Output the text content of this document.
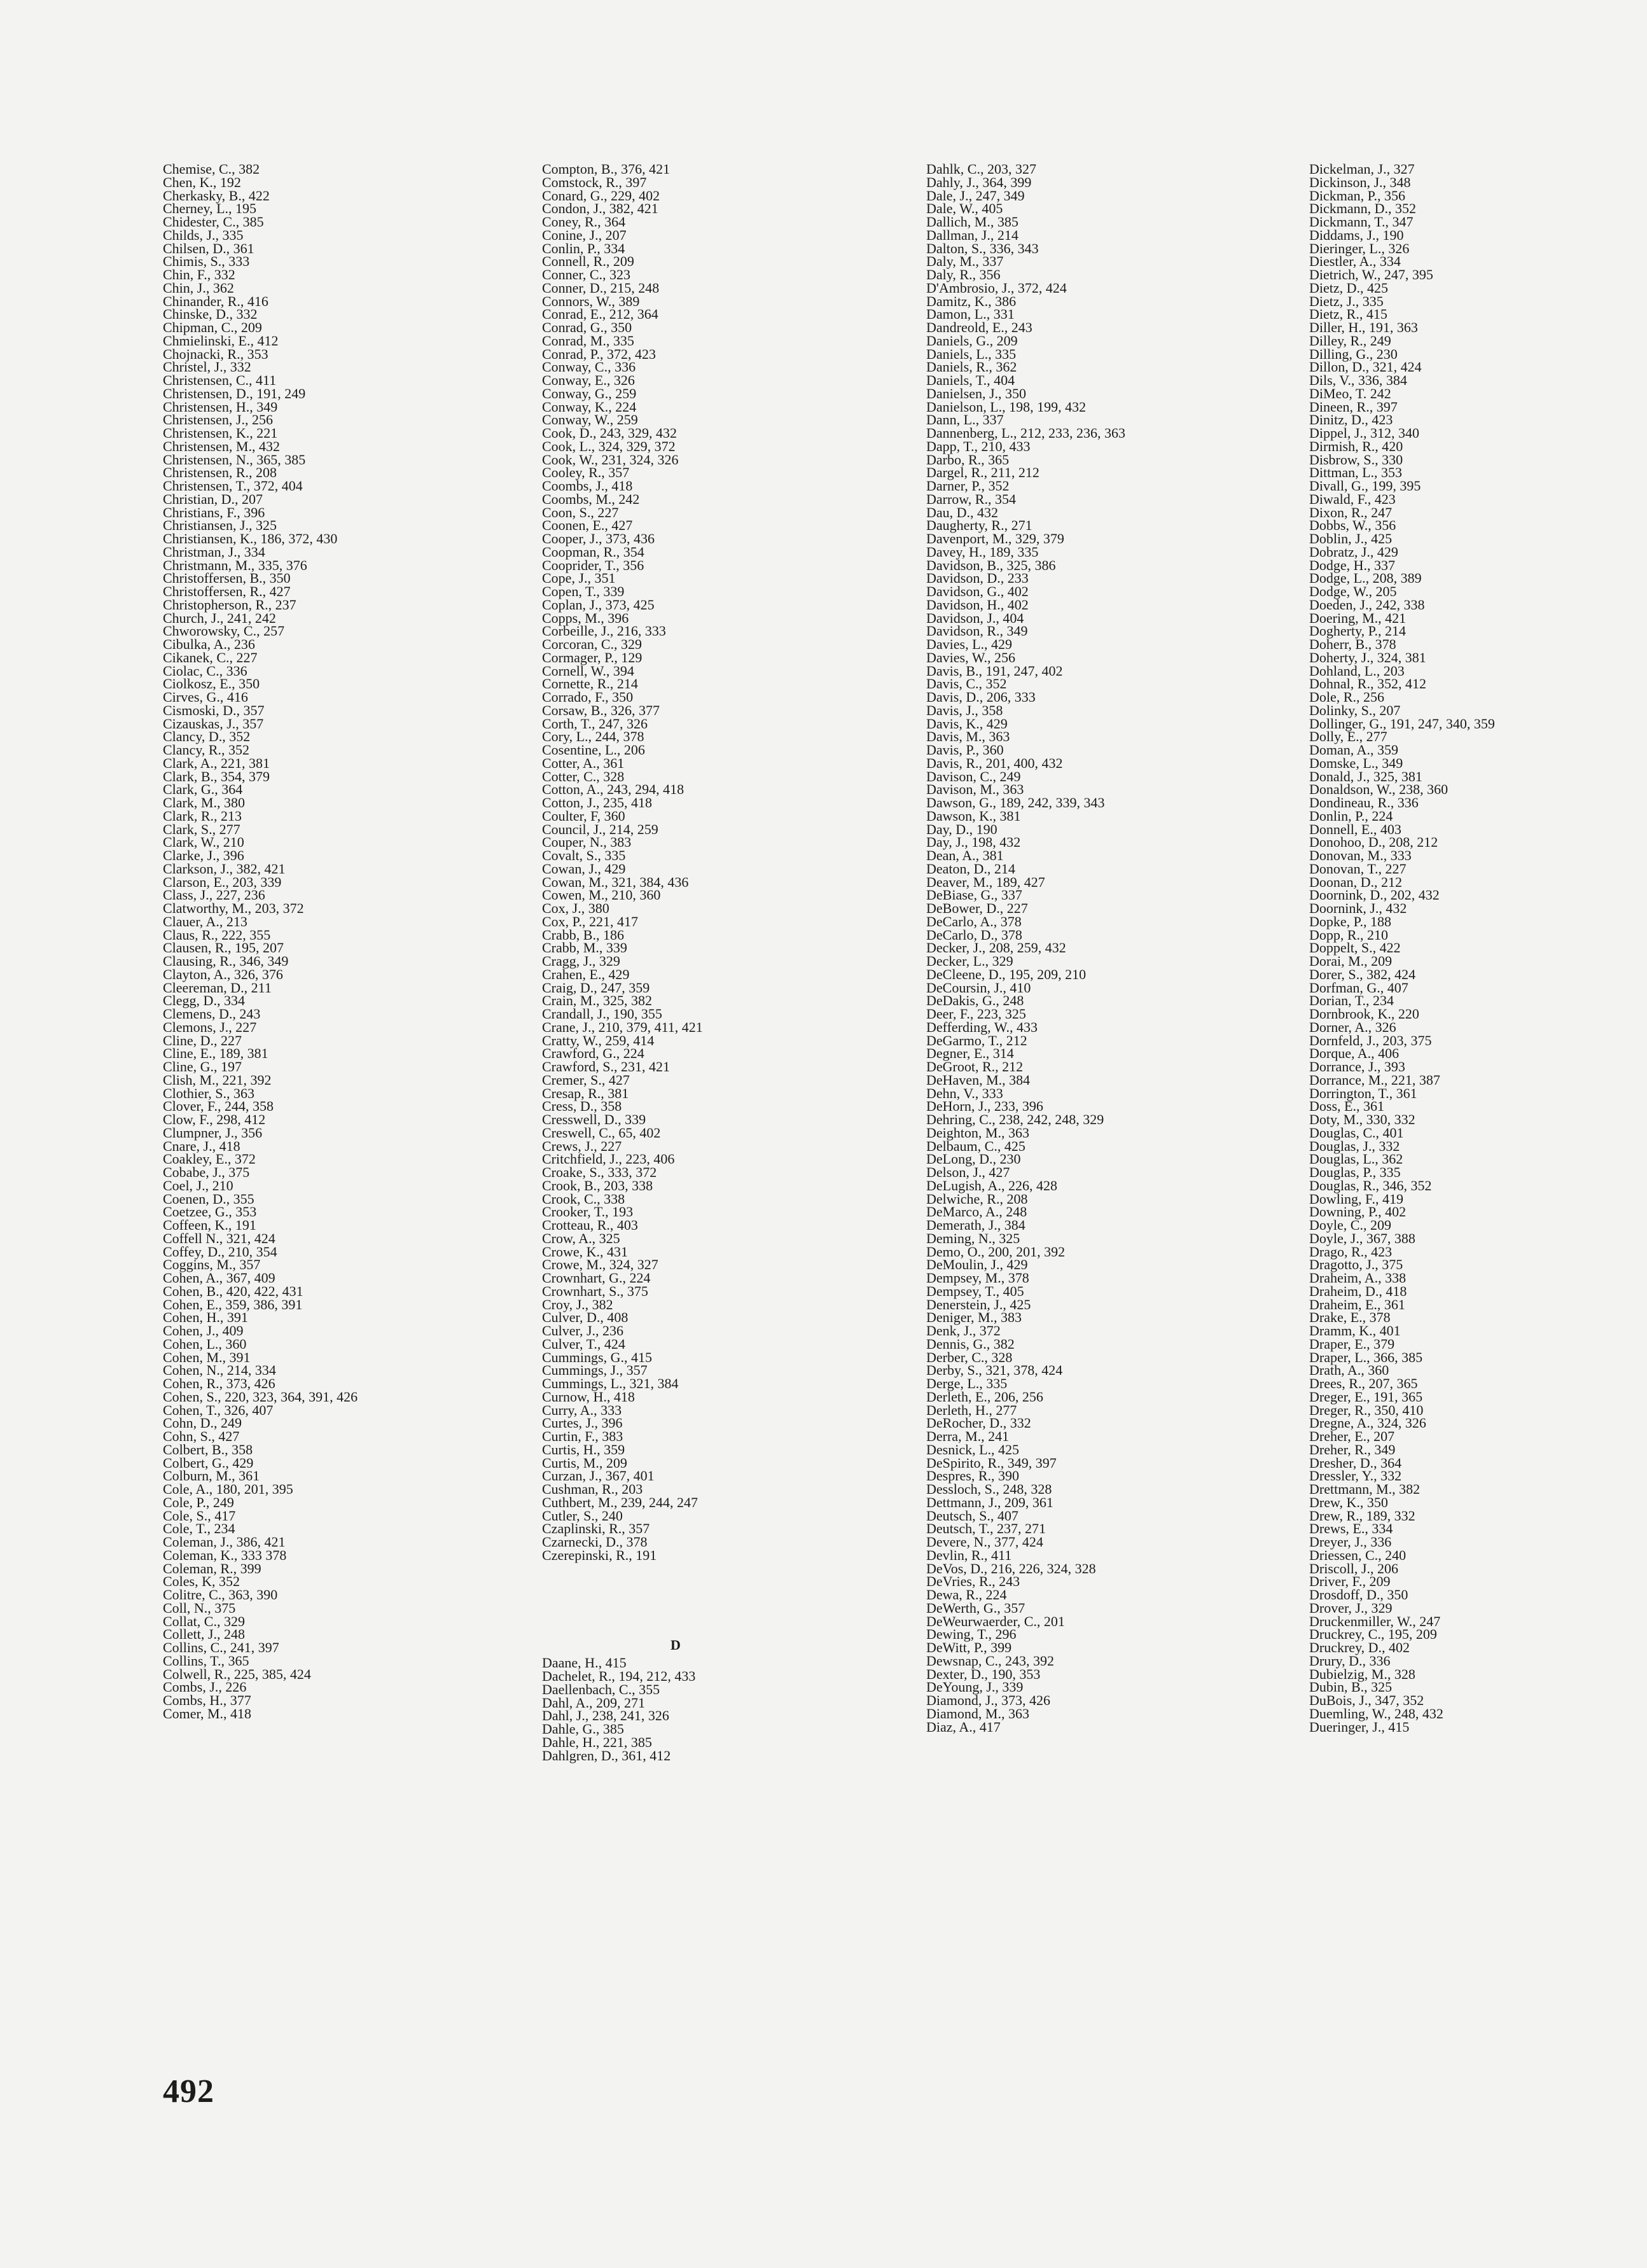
Chemise, C., 382
Chen, K., 192
Cherkasky, B., 422
Cherney, L., 195
Chidester, C., 385
Childs, J., 335
Chilsen, D., 361
Chimis, S., 333
Chin, F., 332
Chin, J., 362
Chinander, R., 416
Chinske, D., 332
Chipman, C., 209
Chmielinski, E., 412
Chojnacki, R., 353
Christel, J., 332
Christensen, C., 411
Christensen, D., 191, 249
Christensen, H., 349
Christensen, J., 256
Christensen, K., 221
Christensen, M., 432
Christensen, N., 365, 385
Christensen, R., 208
Christensen, T., 372, 404
Christian, D., 207
Christians, F., 396
Christiansen, J., 325
Christiansen, K., 186, 372, 430
Christman, J., 334
Christmann, M., 335, 376
Christoffersen, B., 350
Christoffersen, R., 427
Christopherson, R., 237
Church, J., 241, 242
Chworowsky, C., 257
Cibulka, A., 236
Cikanek, C., 227
Ciolac, C., 336
Ciolkosz, E., 350
Cirves, G., 416
Cismoski, D., 357
Cizauskas, J., 357
Clancy, D., 352
Clancy, R., 352
Clark, A., 221, 381
Clark, B., 354, 379
Clark, G., 364
Clark, M., 380
Clark, R., 213
Clark, S., 277
Clark, W., 210
Clarke, J., 396
Clarkson, J., 382, 421
Clarson, E., 203, 339
Class, J., 227, 236
Clatworthy, M., 203, 372
Clauer, A., 213
Claus, R., 222, 355
Clausen, R., 195, 207
Clausing, R., 346, 349
Clayton, A., 326, 376
Cleereman, D., 211
Clegg, D., 334
Clemens, D., 243
Clemons, J., 227
Cline, D., 227
Cline, E., 189, 381
Cline, G., 197
Clish, M., 221, 392
Clothier, S., 363
Clover, F., 244, 358
Clow, F., 298, 412
Clumpner, J., 356
Cnare, J., 418
Coakley, E., 372
Cobabe, J., 375
Coel, J., 210
Coenen, D., 355
Coetzee, G., 353
Coffeen, K., 191
Coffell N., 321, 424
Coffey, D., 210, 354
Coggins, M., 357
Cohen, A., 367, 409
Cohen, B., 420, 422, 431
Cohen, E., 359, 386, 391
Cohen, H., 391
Cohen, J., 409
Cohen, L., 360
Cohen, M., 391
Cohen, N., 214, 334
Cohen, R., 373, 426
Cohen, S., 220, 323, 364, 391, 426
Cohen, T., 326, 407
Cohn, D., 249
Cohn, S., 427
Colbert, B., 358
Colbert, G., 429
Colburn, M., 361
Cole, A., 180, 201, 395
Cole, P., 249
Cole, S., 417
Cole, T., 234
Coleman, J., 386, 421
Coleman, K., 333 378
Coleman, R., 399
Coles, K, 352
Colitre, C., 363, 390
Coll, N., 375
Collat, C., 329
Collett, J., 248
Collins, C., 241, 397
Collins, T., 365
Colwell, R., 225, 385, 424
Combs, J., 226
Combs, H., 377
Comer, M., 418
Compton, B., 376, 421
Comstock, R., 397
Conard, G., 229, 402
Condon, J., 382, 421
Coney, R., 364
Conine, J., 207
Conlin, P., 334
Connell, R., 209
Conner, C., 323
Conner, D., 215, 248
Connors, W., 389
Conrad, E., 212, 364
Conrad, G., 350
Conrad, M., 335
Conrad, P., 372, 423
Conway, C., 336
Conway, E., 326
Conway, G., 259
Conway, K., 224
Conway, W., 259
Cook, D., 243, 329, 432
Cook, L., 324, 329, 372
Cook, W., 231, 324, 326
Cooley, R., 357
Coombs, J., 418
Coombs, M., 242
Coon, S., 227
Coonen, E., 427
Cooper, J., 373, 436
Coopman, R., 354
Cooprider, T., 356
Cope, J., 351
Copen, T., 339
Coplan, J., 373, 425
Copps, M., 396
Corbeille, J., 216, 333
Corcoran, C., 329
Cormager, P., 129
Cornell, W., 394
Cornette, R., 214
Corrado, F., 350
Corsaw, B., 326, 377
Corth, T., 247, 326
Cory, L., 244, 378
Cosentine, L., 206
Cotter, A., 361
Cotter, C., 328
Cotton, A., 243, 294, 418
Cotton, J., 235, 418
Coulter, F, 360
Council, J., 214, 259
Couper, N., 383
Covalt, S., 335
Cowan, J., 429
Cowan, M., 321, 384, 436
Cowen, M., 210, 360
Cox, J., 380
Cox, P., 221, 417
Crabb, B., 186
Crabb, M., 339
Cragg, J., 329
Crahen, E., 429
Craig, D., 247, 359
Crain, M., 325, 382
Crandall, J., 190, 355
Crane, J., 210, 379, 411, 421
Cratty, W., 259, 414
Crawford, G., 224
Crawford, S., 231, 421
Cremer, S., 427
Cresap, R., 381
Cress, D., 358
Cresswell, D., 339
Creswell, C., 65, 402
Crews, J., 227
Critchfield, J., 223, 406
Croake, S., 333, 372
Crook, B., 203, 338
Crook, C., 338
Crooker, T., 193
Crotteau, R., 403
Crow, A., 325
Crowe, K., 431
Crowe, M., 324, 327
Crownhart, G., 224
Crownhart, S., 375
Croy, J., 382
Culver, D., 408
Culver, J., 236
Culver, T., 424
Cummings, G., 415
Cummings, J., 357
Cummings, L., 321, 384
Curnow, H., 418
Curry, A., 333
Curtes, J., 396
Curtin, F., 383
Curtis, H., 359
Curtis, M., 209
Curzan, J., 367, 401
Cushman, R., 203
Cuthbert, M., 239, 244, 247
Cutler, S., 240
Czaplinski, R., 357
Czarnecki, D., 378
Czerepinski, R., 191
D
Daane, H., 415
Dachelet, R., 194, 212, 433
Daellenbach, C., 355
Dahl, A., 209, 271
Dahl, J., 238, 241, 326
Dahle, G., 385
Dahle, H., 221, 385
Dahlgren, D., 361, 412
Dahlk, C., 203, 327
Dahly, J., 364, 399
Dale, J., 247, 349
Dale, W., 405
Dallich, M., 385
Dallman, J., 214
Dalton, S., 336, 343
Daly, M., 337
Daly, R., 356
D'Ambrosio, J., 372, 424
Damitz, K., 386
Damon, L., 331
Dandreold, E., 243
Daniels, G., 209
Daniels, L., 335
Daniels, R., 362
Daniels, T., 404
Danielsen, J., 350
Danielson, L., 198, 199, 432
Dann, L., 337
Dannenberg, L., 212, 233, 236, 363
Dapp, T., 210, 433
Darbo, R., 365
Dargel, R., 211, 212
Darner, P., 352
Darrow, R., 354
Dau, D., 432
Daugherty, R., 271
Davenport, M., 329, 379
Davey, H., 189, 335
Davidson, B., 325, 386
Davidson, D., 233
Davidson, G., 402
Davidson, H., 402
Davidson, J., 404
Davidson, R., 349
Davies, L., 429
Davies, W., 256
Davis, B., 191, 247, 402
Davis, C., 352
Davis, D., 206, 333
Davis, J., 358
Davis, K., 429
Davis, M., 363
Davis, P., 360
Davis, R., 201, 400, 432
Davison, C., 249
Davison, M., 363
Dawson, G., 189, 242, 339, 343
Dawson, K., 381
Day, D., 190
Day, J., 198, 432
Dean, A., 381
Deaton, D., 214
Deaver, M., 189, 427
DeBiase, G., 337
DeBower, D., 227
DeCarlo, A., 378
DeCarlo, D., 378
Decker, J., 208, 259, 432
Decker, L., 329
DeCleene, D., 195, 209, 210
DeCoursin, J., 410
DeDakis, G., 248
Deer, F., 223, 325
Defferding, W., 433
DeGarmo, T., 212
Degner, E., 314
DeGroot, R., 212
DeHaven, M., 384
Dehn, V., 333
DeHorn, J., 233, 396
Dehring, C., 238, 242, 248, 329
Deighton, M., 363
Delbaum, C., 425
DeLong, D., 230
Delson, J., 427
DeLugish, A., 226, 428
Delwiche, R., 208
DeMarco, A., 248
Demerath, J., 384
Deming, N., 325
Demo, O., 200, 201, 392
DeMoulin, J., 429
Dempsey, M., 378
Dempsey, T., 405
Denerstein, J., 425
Deniger, M., 383
Denk, J., 372
Dennis, G., 382
Derber, C., 328
Derby, S., 321, 378, 424
Derge, L., 335
Derleth, E., 206, 256
Derleth, H., 277
DeRocher, D., 332
Derra, M., 241
Desnick, L., 425
DeSpirito, R., 349, 397
Despres, R., 390
Dessloch, S., 248, 328
Dettmann, J., 209, 361
Deutsch, S., 407
Deutsch, T., 237, 271
Devere, N., 377, 424
Devlin, R., 411
DeVos, D., 216, 226, 324, 328
DeVries, R., 243
Dewa, R., 224
DeWerth, G., 357
DeWeurwaerder, C., 201
Dewing, T., 296
DeWitt, P., 399
Dewsnap, C., 243, 392
Dexter, D., 190, 353
DeYoung, J., 339
Diamond, J., 373, 426
Diamond, M., 363
Diaz, A., 417
Dickelman, J., 327
Dickinson, J., 348
Dickman, P., 356
Dickmann, D., 352
Dickmann, T., 347
Diddams, J., 190
Dieringer, L., 326
Diestler, A., 334
Dietrich, W., 247, 395
Dietz, D., 425
Dietz, J., 335
Dietz, R., 415
Diller, H., 191, 363
Dilley, R., 249
Dilling, G., 230
Dillon, D., 321, 424
Dils, V., 336, 384
DiMeo, T. 242
Dineen, R., 397
Dinitz, D., 423
Dippel, J., 312, 340
Dirmish, R., 420
Disbrow, S., 330
Dittman, L., 353
Divall, G., 199, 395
Diwald, F., 423
Dixon, R., 247
Dobbs, W., 356
Doblin, J., 425
Dobratz, J., 429
Dodge, H., 337
Dodge, L., 208, 389
Dodge, W., 205
Doeden, J., 242, 338
Doering, M., 421
Dogherty, P., 214
Doherr, B., 378
Doherty, J., 324, 381
Dohland, L., 203
Dohnal, R., 352, 412
Dole, R., 256
Dolinky, S., 207
Dollinger, G., 191, 247, 340, 359
Dolly, E., 277
Doman, A., 359
Domske, L., 349
Donald, J., 325, 381
Donaldson, W., 238, 360
Dondineau, R., 336
Donlin, P., 224
Donnell, E., 403
Donohoo, D., 208, 212
Donovan, M., 333
Donovan, T., 227
Doonan, D., 212
Doornink, D., 202, 432
Doornink, J., 432
Dopke, P., 188
Dopp, R., 210
Doppelt, S., 422
Dorai, M., 209
Dorer, S., 382, 424
Dorfman, G., 407
Dorian, T., 234
Dornbrook, K., 220
Dorner, A., 326
Dornfeld, J., 203, 375
Dorque, A., 406
Dorrance, J., 393
Dorrance, M., 221, 387
Dorrington, T., 361
Doss, E., 361
Doty, M., 330, 332
Douglas, C., 401
Douglas, J., 332
Douglas, L., 362
Douglas, P., 335
Douglas, R., 346, 352
Dowling, F., 419
Downing, P., 402
Doyle, C., 209
Doyle, J., 367, 388
Drago, R., 423
Dragotto, J., 375
Draheim, A., 338
Draheim, D., 418
Draheim, E., 361
Drake, E., 378
Dramm, K., 401
Draper, E., 379
Draper, L., 366, 385
Drath, A., 360
Drees, R., 207, 365
Dreger, E., 191, 365
Dreger, R., 350, 410
Dregne, A., 324, 326
Dreher, E., 207
Dreher, R., 349
Dresher, D., 364
Dressler, Y., 332
Drettmann, M., 382
Drew, K., 350
Drew, R., 189, 332
Drews, E., 334
Dreyer, J., 336
Driessen, C., 240
Driscoll, J., 206
Driver, F., 209
Drosdoff, D., 350
Drover, J., 329
Druckenmiller, W., 247
Druckrey, C., 195, 209
Druckrey, D., 402
Drury, D., 336
Dubielzig, M., 328
Dubin, B., 325
DuBois, J., 347, 352
Duemling, W., 248, 432
Dueringer, J., 415
492
